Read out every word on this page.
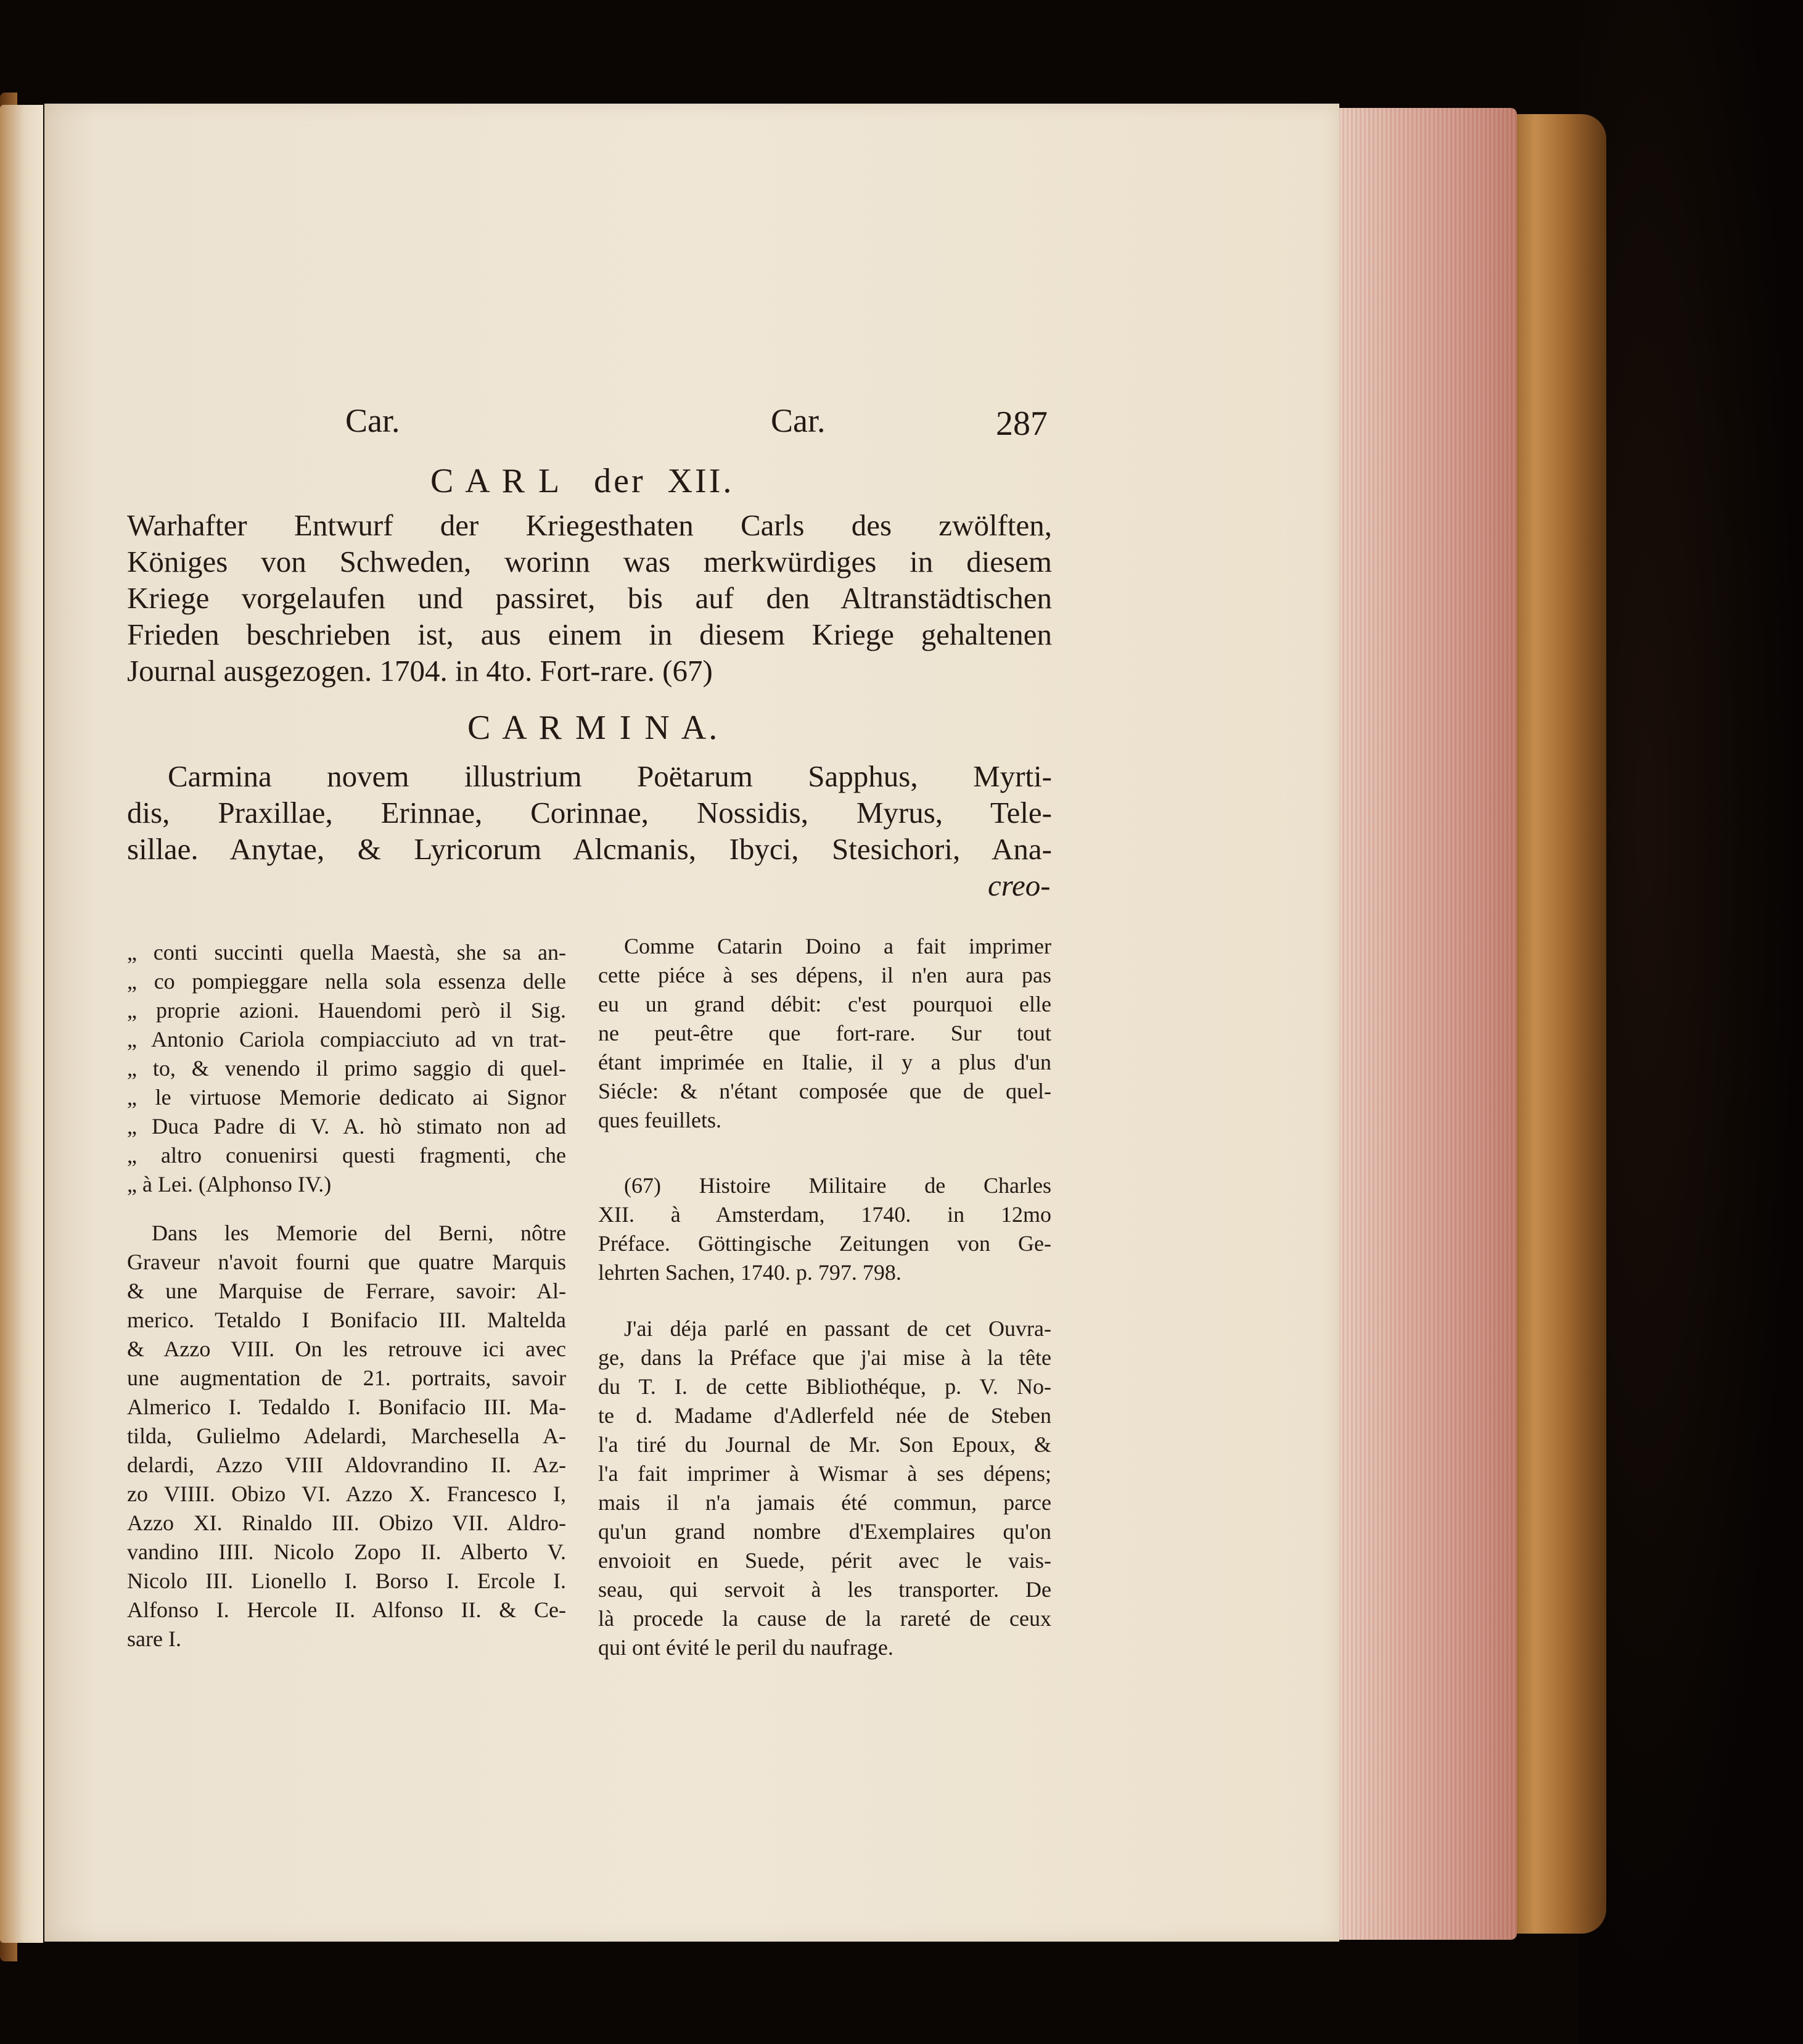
Car.	Car.	287
C A R L   der  XII.
Warhafter Entwurf der Kriegesthaten Carls des zwölften,
Königes von Schweden, worinn was merkwürdiges in diesem
Kriege vorgelaufen und passiret, bis auf den Altranstädtischen
Frieden beschrieben ist, aus einem in diesem Kriege gehaltenen
Journal ausgezogen. 1704. in 4to. Fort-rare. (67)
C A R M I N A.
Carmina novem illustrium Poëtarum Sapphus, Myrti-
dis, Praxillae, Erinnae, Corinnae, Nossidis, Myrus, Tele-
sillae. Anytae, & Lyricorum Alcmanis, Ibyci, Stesichori, Ana-
creo-
„ conti succinti quella Maestà, she sa an-
„ co pompieggare nella sola essenza delle
„ proprie azioni. Hauendomi però il Sig.
„ Antonio Cariola compiacciuto ad vn trat-
„ to, & venendo il primo saggio di quel-
„ le virtuose Memorie dedicato ai Signor
„ Duca Padre di V. A. hò stimato non ad
„ altro conuenirsi questi fragmenti, che
„ à Lei. (Alphonso IV.)
Dans les Memorie del Berni, nôtre
Graveur n'avoit fourni que quatre Marquis
& une Marquise de Ferrare, savoir: Al-
merico. Tetaldo I Bonifacio III. Maltelda
& Azzo VIII. On les retrouve ici avec
une augmentation de 21. portraits, savoir
Almerico I. Tedaldo I. Bonifacio III. Ma-
tilda, Gulielmo Adelardi, Marchesella A-
delardi, Azzo VIII Aldovrandino II. Az-
zo VIIII. Obizo VI. Azzo X. Francesco I,
Azzo XI. Rinaldo III. Obizo VII. Aldro-
vandino IIII. Nicolo Zopo II. Alberto V.
Nicolo III. Lionello I. Borso I. Ercole I.
Alfonso I. Hercole II. Alfonso II. & Ce-
sare I.
Comme Catarin Doino a fait imprimer
cette piéce à ses dépens, il n'en aura pas
eu un grand débit: c'est pourquoi elle
ne peut-être que fort-rare. Sur tout
étant imprimée en Italie, il y a plus d'un
Siécle: & n'étant composée que de quel-
ques feuillets.
(67) Histoire Militaire de Charles
XII. à Amsterdam, 1740. in 12mo
Préface. Göttingische Zeitungen von Ge-
lehrten Sachen, 1740. p. 797. 798.
J'ai déja parlé en passant de cet Ouvra-
ge, dans la Préface que j'ai mise à la tête
du T. I. de cette Bibliothéque, p. V. No-
te d. Madame d'Adlerfeld née de Steben
l'a tiré du Journal de Mr. Son Epoux, &
l'a fait imprimer à Wismar à ses dépens;
mais il n'a jamais été commun, parce
qu'un grand nombre d'Exemplaires qu'on
envoioit en Suede, périt avec le vais-
seau, qui servoit à les transporter. De
là procede la cause de la rareté de ceux
qui ont évité le peril du naufrage.
